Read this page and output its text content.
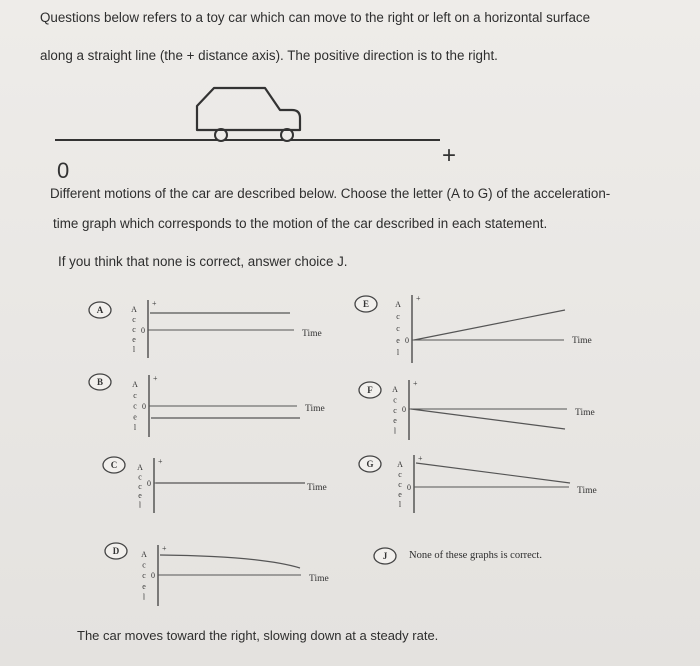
Questions below refers to a toy car which can move to the right or left on a horizontal surface
along a straight line (the + distance axis). The positive direction is to the right.
0
+
Different motions of the car are described below. Choose the letter (A to G) of the acceleration-
time graph which corresponds to the motion of the car described in each statement.
If you think that none is correct, answer choice J.
A	A
c
c
e
l
+
0	Time
B	A
c
c
e
l
+
0	Time
C A
c
c
e
l
+
0	Time
D	A
c
c
e
l
+
0	Time
E	A
c
c
e
l
+
0	Time
F A
c
c
e
l
+
0	Time
G	A
c
c
e
l
+
0	Time
J None of these graphs is correct.
The car moves toward the right, slowing down at a steady rate.
